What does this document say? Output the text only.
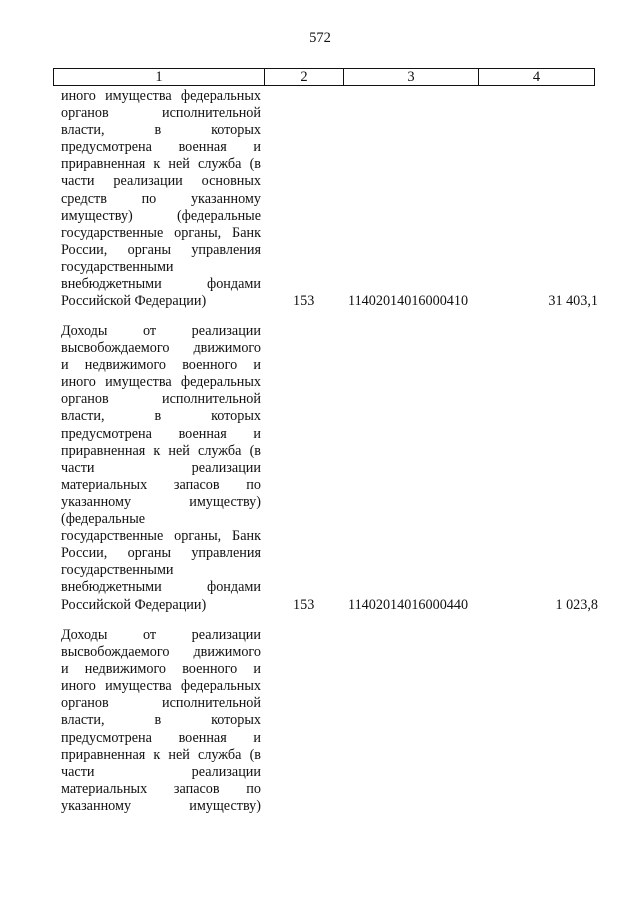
572
1	2	3	4
иного имущества федеральных
органов исполнительной
власти, в которых
предусмотрена военная и
приравненная к ней служба (в
части реализации основных
средств по указанному
имуществу) (федеральные
государственные органы, Банк
России, органы управления
государственными
внебюджетными фондами
Российской Федерации)	153 11402014016000410	31 403,1
Доходы от реализации
высвобождаемого движимого
и недвижимого военного и
иного имущества федеральных
органов исполнительной
власти, в которых
предусмотрена военная и
приравненная к ней служба (в
части реализации
материальных запасов по
указанному имуществу)
(федеральные
государственные органы, Банк
России, органы управления
государственными
внебюджетными фондами
Российской Федерации)	153 11402014016000440	1 023,8
Доходы от реализации
высвобождаемого движимого
и недвижимого военного и
иного имущества федеральных
органов исполнительной
власти, в которых
предусмотрена военная и
приравненная к ней служба (в
части реализации
материальных запасов по
указанному имуществу)
